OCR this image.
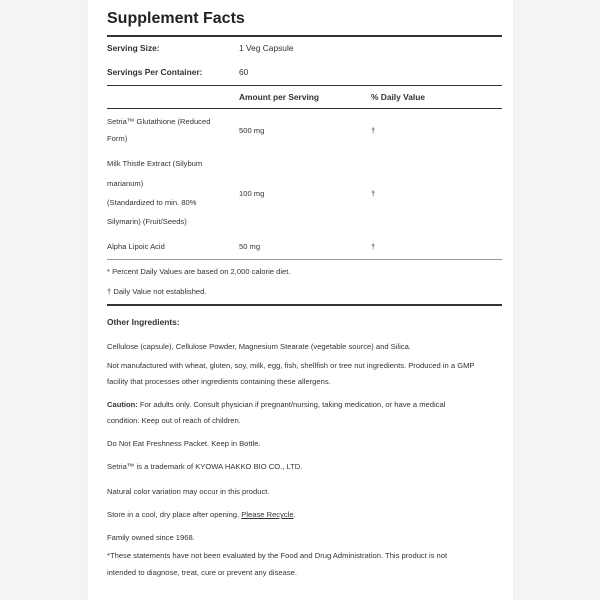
Supplement Facts
Serving Size:	1 Veg Capsule
Servings Per Container:	60
Amount per Serving	% Daily Value
Setria™ Glutathione (Reduced
Form)
500 mg	†
Milk Thistle Extract (Silybum
marianum)
(Standardized to min. 80%
Silymarin) (Fruit/Seeds)
100 mg	†
Alpha Lipoic Acid	50 mg	†
* Percent Daily Values are based on 2,000 calorie diet.
† Daily Value not established.
Other Ingredients:
Cellulose (capsule), Cellulose Powder, Magnesium Stearate (vegetable source) and Silica.
Not manufactured with wheat, gluten, soy, milk, egg, fish, shellfish or tree nut ingredients. Produced in a GMP
facility that processes other ingredients containing these allergens.
Caution: For adults only. Consult physician if pregnant/nursing, taking medication, or have a medical
condition. Keep out of reach of children.
Do Not Eat Freshness Packet. Keep in Bottle.
Setria™ is a trademark of KYOWA HAKKO BIO CO., LTD.
Natural color variation may occur in this product.
Store in a cool, dry place after opening. Please Recycle.
Family owned since 1968.
*These statements have not been evaluated by the Food and Drug Administration. This product is not
intended to diagnose, treat, cure or prevent any disease.
